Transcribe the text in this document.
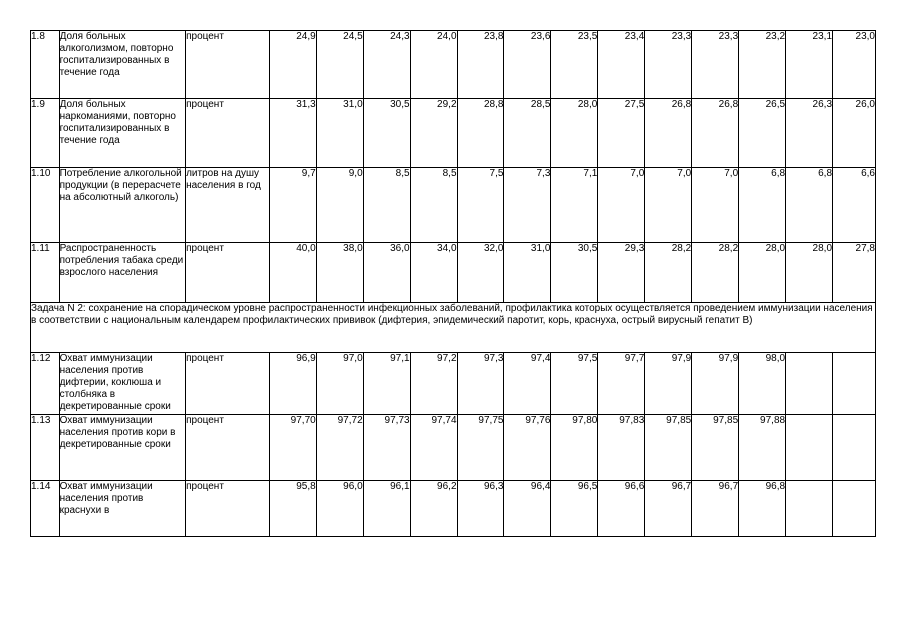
1.8	Доля больных алкоголизмом, повторно госпитализированных в течение года	процент	24,9	24,5	24,3	24,0	23,8	23,6	23,5	23,4	23,3	23,3	23,2	23,1	23,0
1.9	Доля больных наркоманиями, повторно госпитализированных в течение года	процент	31,3	31,0	30,5	29,2	28,8	28,5	28,0	27,5	26,8	26,8	26,5	26,3	26,0
1.10	Потребление алкогольной продукции (в перерасчете на абсолютный алкоголь)	литров на душу населения в год	9,7	9,0	8,5	8,5	7,5	7,3	7,1	7,0	7,0	7,0	6,8	6,8	6,6
1.11	Распространенность потребления табака среди взрослого населения	процент	40,0	38,0	36,0	34,0	32,0	31,0	30,5	29,3	28,2	28,2	28,0	28,0	27,8
Задача N 2: сохранение на спорадическом уровне распространенности инфекционных заболеваний, профилактика которых осуществляется проведением иммунизации населения в соответствии с национальным календарем профилактических прививок (дифтерия, эпидемический паротит, корь, краснуха, острый вирусный гепатит В)															
1.12	Охват иммунизации населения против дифтерии, коклюша и столбняка в декретированные сроки	процент	96,9	97,0	97,1	97,2	97,3	97,4	97,5	97,7	97,9	97,9	98,0		
1.13	Охват иммунизации населения против кори в декретированные сроки	процент	97,70	97,72	97,73	97,74	97,75	97,76	97,80	97,83	97,85	97,85	97,88		
1.14	Охват иммунизации населения против краснухи в	процент	95,8	96,0	96,1	96,2	96,3	96,4	96,5	96,6	96,7	96,7	96,8		
